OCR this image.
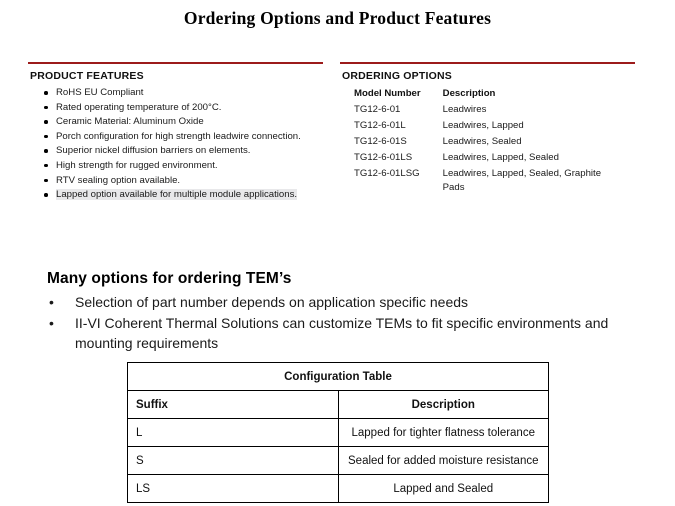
Ordering Options and Product Features
PRODUCT FEATURES
RoHS EU Compliant
Rated operating temperature of 200°C.
Ceramic Material: Aluminum Oxide
Porch configuration for high strength leadwire connection.
Superior nickel diffusion barriers on elements.
High strength for rugged environment.
RTV sealing option available.
Lapped option available for multiple module applications.
ORDERING OPTIONS
Model Number	Description
TG12-6-01	Leadwires
TG12-6-01L	Leadwires, Lapped
TG12-6-01S	Leadwires, Sealed
TG12-6-01LS	Leadwires, Lapped, Sealed
TG12-6-01LSG	Leadwires, Lapped, Sealed, Graphite Pads
Many options for ordering TEM’s
• Selection of part number depends on application specific needs
• II-VI Coherent Thermal Solutions can customize TEMs to fit specific environments and mounting requirements
Configuration Table	
Suffix	Description
L	Lapped for tighter flatness tolerance
S	Sealed for added moisture resistance
LS	Lapped and Sealed
